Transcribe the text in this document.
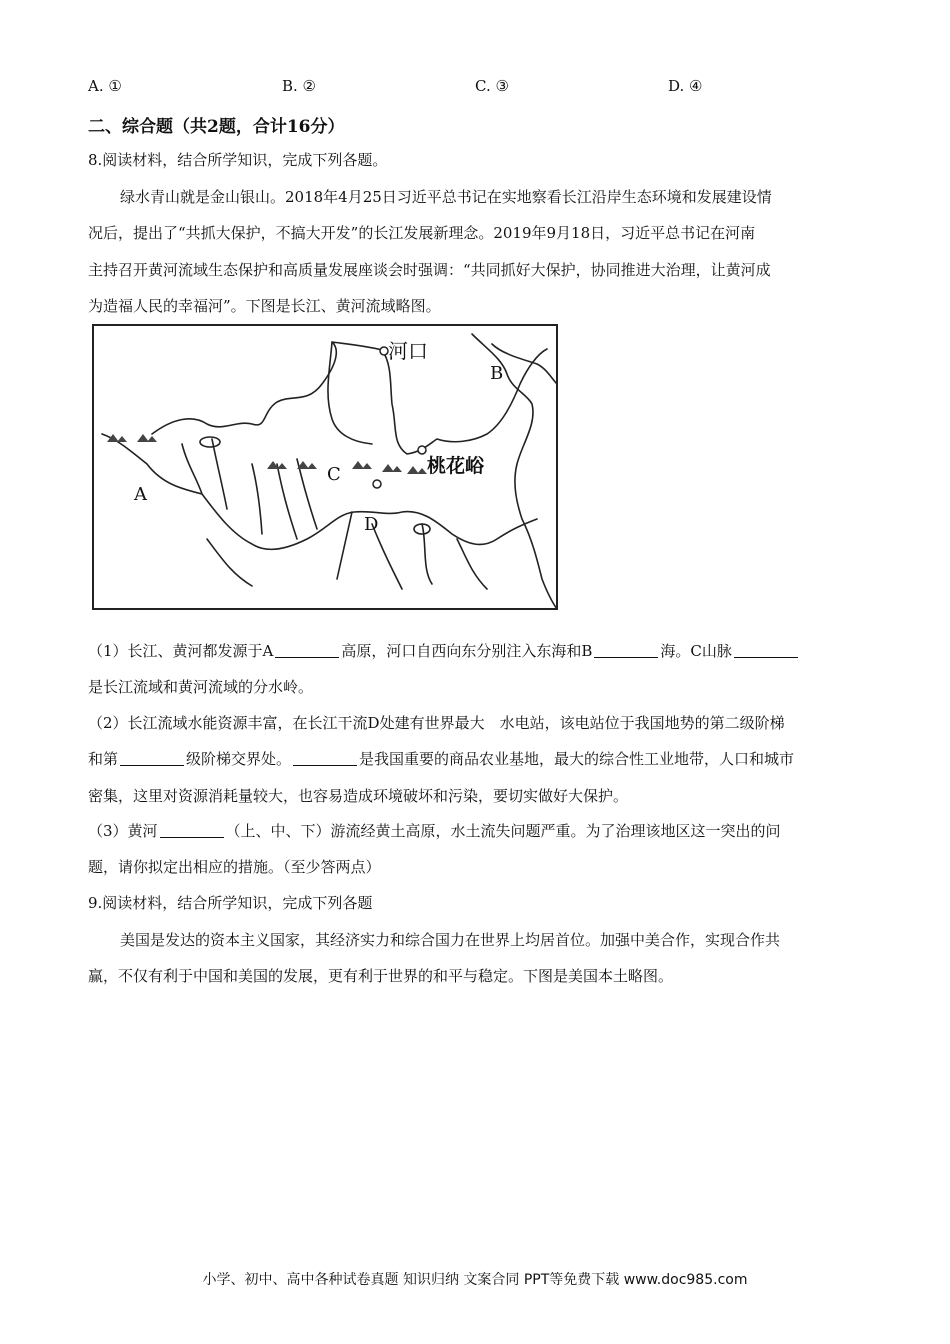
A. ①	B. ②	C. ③	D. ④
二、综合题（共2题，合计16分）
8.阅读材料，结合所学知识，完成下列各题。
绿水青山就是金山银山。2018年4月25日习近平总书记在实地察看长江沿岸生态环境和发展建设情
况后，提出了“共抓大保护，不搞大开发”的长江发展新理念。2019年9月18日，习近平总书记在河南
主持召开黄河流域生态保护和高质量发展座谈会时强调：“共同抓好大保护，协同推进大治理，让黄河成
为造福人民的幸福河”。下图是长江、黄河流域略图。
河口
桃花峪
A
B
C
D
（1）长江、黄河都发源于A	高原，河口自西向东分别注入东海和B	海。C山脉
是长江流域和黄河流域的分水岭。
（2）长江流域水能资源丰富，在长江干流D处建有世界最大　水电站，该电站位于我国地势的第二级阶梯
和第	级阶梯交界处。	是我国重要的商品农业基地，最大的综合性工业地带，人口和城市
密集，这里对资源消耗量较大，也容易造成环境破坏和污染，要切实做好大保护。
（3）黄河	（上、中、下）游流经黄土高原，水土流失问题严重。为了治理该地区这一突出的问
题，请你拟定出相应的措施。（至少答两点）
9.阅读材料，结合所学知识，完成下列各题
美国是发达的资本主义国家，其经济实力和综合国力在世界上均居首位。加强中美合作，实现合作共
赢，不仅有利于中国和美国的发展，更有利于世界的和平与稳定。下图是美国本土略图。
小学、初中、高中各种试卷真题 知识归纳 文案合同 PPT等免费下载 www.doc985.com
